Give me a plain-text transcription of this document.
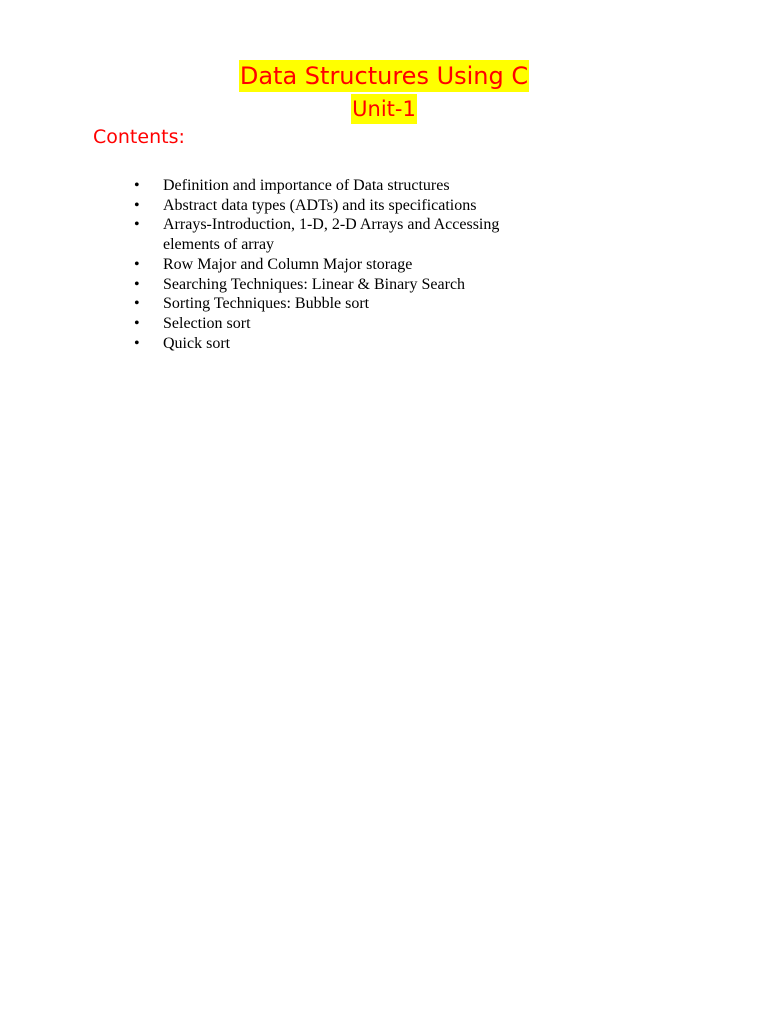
Data Structures Using C
Unit-1
Contents:
• Definition and importance of Data structures
• Abstract data types (ADTs) and its specifications
• Arrays-Introduction, 1-D, 2-D Arrays and Accessing elements of array
• Row Major and Column Major storage
• Searching Techniques: Linear & Binary Search
• Sorting Techniques: Bubble sort
• Selection sort
• Quick sort
